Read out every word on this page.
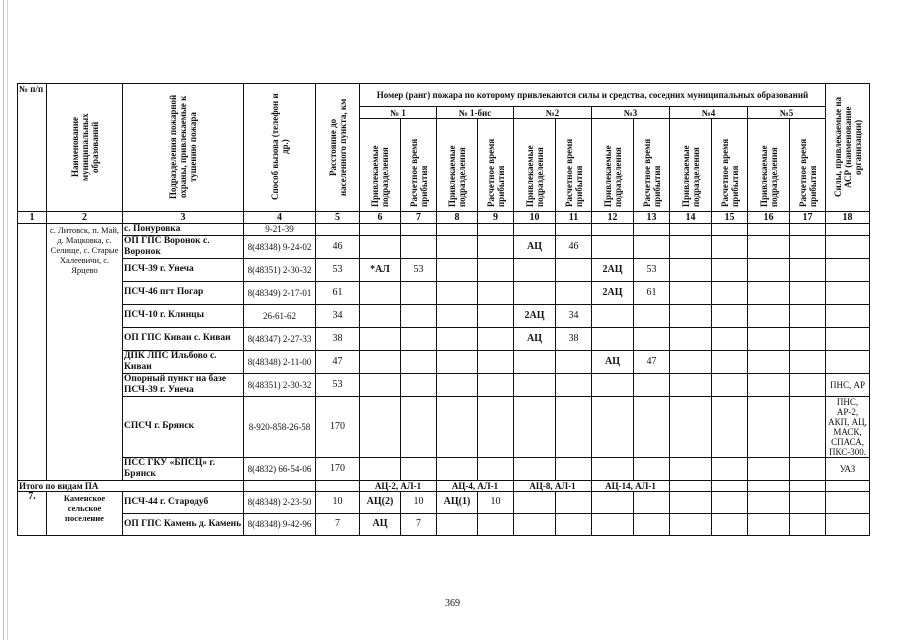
№ п/п	Наименование муниципальных образований	Подразделения пожарной охраны, привлекаемые к тушению пожара	Способ вызова (телефон и др.)	Расстояние до населенного пункта, км	Номер (ранг) пожара по которому привлекаются силы и средства, соседних муниципальных образований												Силы, привлекаемые на АСР (наименование организации)
					№ 1		№ 1-бис		№2		№3		№4		№5		
					Привлекаемые подразделения	Расчетное время прибытия	Привлекаемые подразделения	Расчетное время прибытия	Привлекаемые подразделения	Расчетное время прибытия	Привлекаемые подразделения	Расчетное время прибытия	Привлекаемые подразделения	Расчетное время прибытия	Привлекаемые подразделения	Расчетное время прибытия	
1	2	3	4	5	6	7	8	9	10	11	12	13	14	15	16	17	18
	с. Литовск, п. Май, д. Мацковка, с. Селище, с. Старые Халеевичи, с. Ярцево	с. Понуровка	9-21-39														
		ОП ГПС Воронок с. Воронок	8(48348) 9-24-02	46					АЦ	46							
		ПСЧ-39 г. Унеча	8(48351) 2-30-32	53	*АЛ	53					2АЦ	53					
		ПСЧ-46 пгт Погар	8(48349) 2-17-01	61							2АЦ	61					
		ПСЧ-10 г. Клинцы	26-61-62	34					2АЦ	34							
		ОП ГПС Киваи с. Киваи	8(48347) 2-27-33	38					АЦ	38							
		ДПК ЛПС Ильбово с. Киваи	8(48348) 2-11-00	47							АЦ	47					
		Опорный пункт на базе ПСЧ-39 г. Унеча	8(48351) 2-30-32	53													ПНС, АР
		СПСЧ г. Брянск	8-920-858-26-58	170													ПНС, АР-2, АКП, АЦ, МАСК, СПАСА, ПКС-300.
		ПСС ГКУ «БПСЦ» г. Брянск	8(4832) 66-54-06	170													УАЗ
Итого по видам ПА					АЦ-2, АЛ-1		АЦ-4, АЛ-1		АЦ-8, АЛ-1		АЦ-14, АЛ-1						
7.	Каменское сельское поселение	ПСЧ-44 г. Стародуб	8(48348) 2-23-50	10	АЦ(2)	10	АЦ(1)	10									
		ОП ГПС Камень д. Камень	8(48348) 9-42-96	7	АЦ	7											
369
